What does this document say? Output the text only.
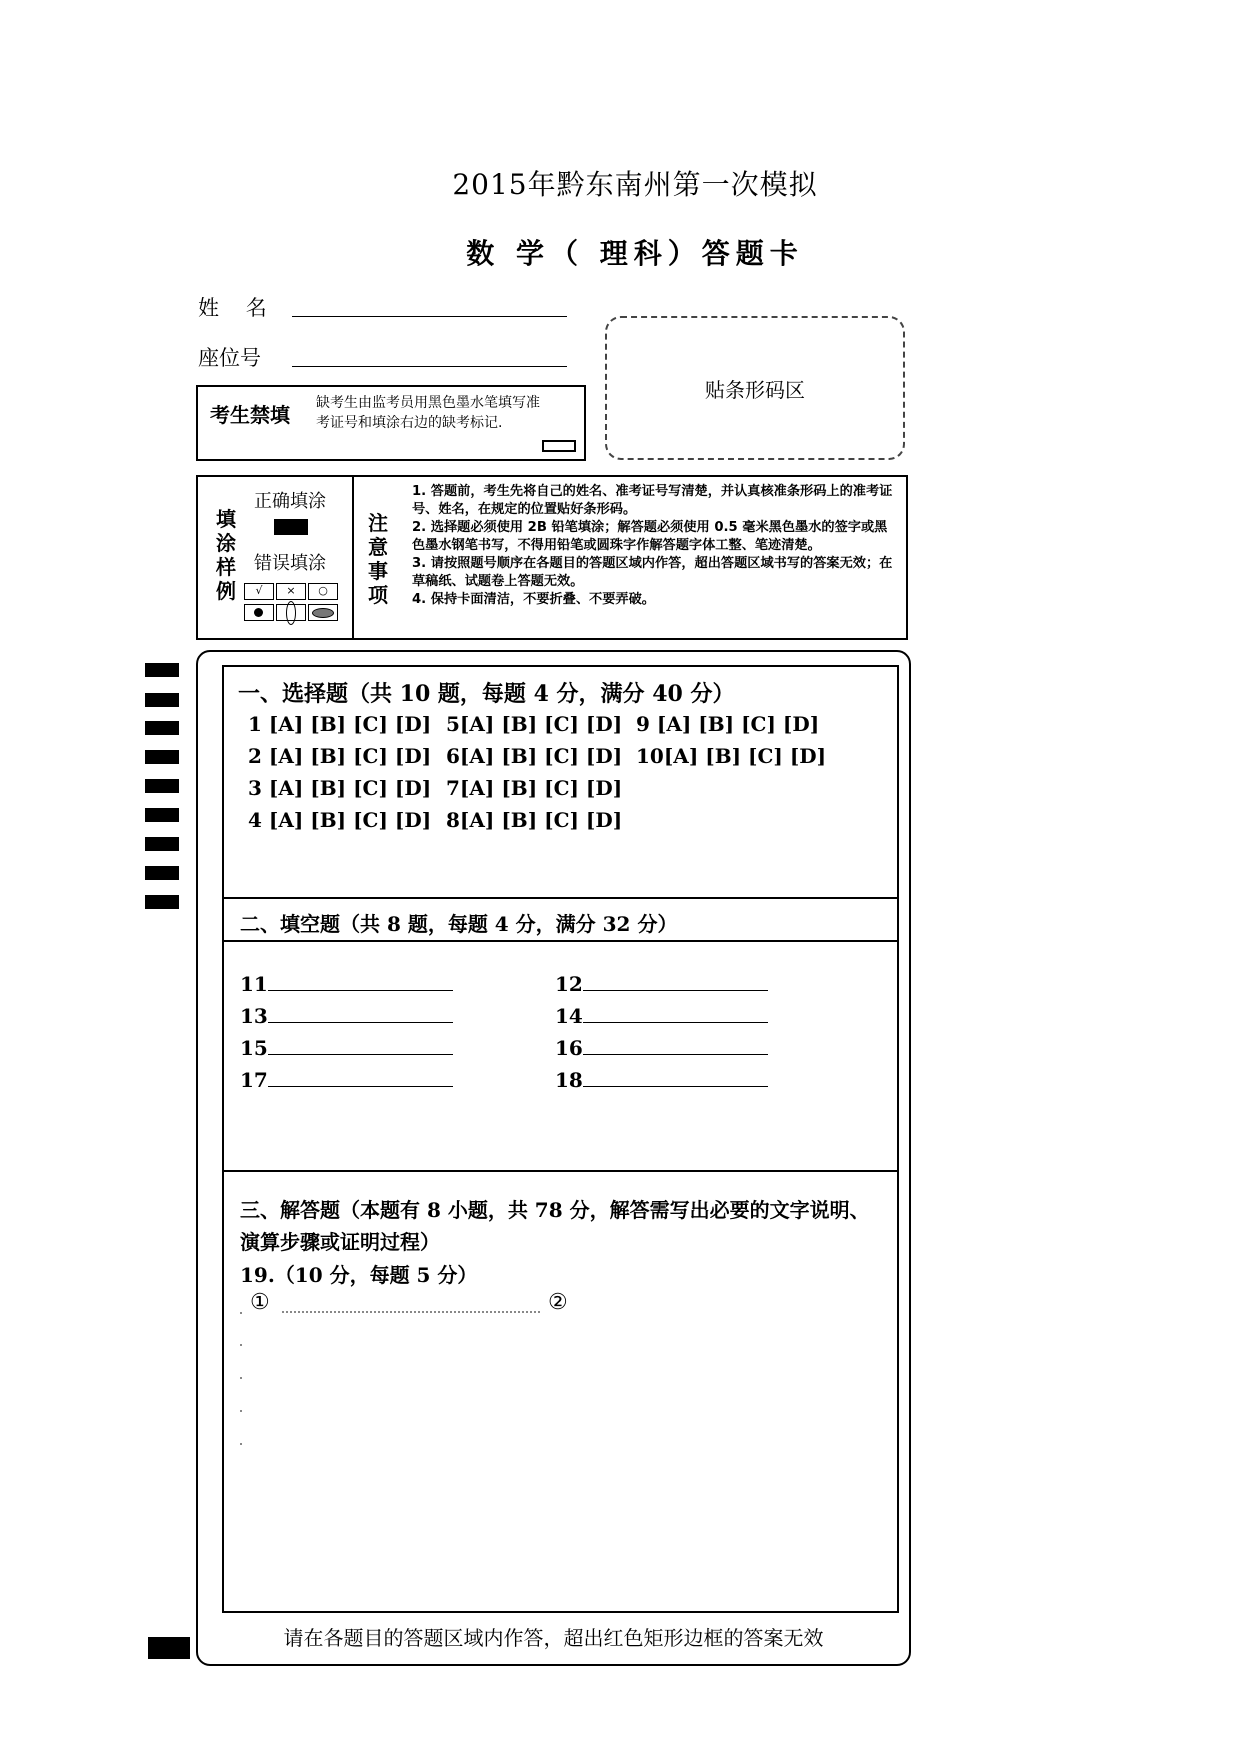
2015年黔东南州第一次模拟
数 学（ 理科）答题卡
姓    名
座位号
考生禁填 缺考生由监考员用黑色墨水笔填写准考证号和填涂右边的缺考标记.
贴条形码区
填涂样例
正确填涂
错误填涂
√	×	○
注意事项
1. 答题前，考生先将自己的姓名、准考证号写清楚，并认真核准条形码上的准考证号、姓名，在规定的位置贴好条形码。
2. 选择题必须使用 2B 铅笔填涂；解答题必须使用 0.5 毫米黑色墨水的签字或黑色墨水钢笔书写，不得用铅笔或圆珠字作解答题字体工整、笔迹清楚。
3. 请按照题号顺序在各题目的答题区域内作答，超出答题区域书写的答案无效；在草稿纸、试题卷上答题无效。
4. 保持卡面清洁，不要折叠、不要弄破。
一、选择题（共 10 题，每题 4 分，满分 40 分）
1 [A] [B] [C] [D]
2 [A] [B] [C] [D]
3 [A] [B] [C] [D]
4 [A] [B] [C] [D]
5[A] [B] [C] [D]
6[A] [B] [C] [D]
7[A] [B] [C] [D]
8[A] [B] [C] [D]
9 [A] [B] [C] [D]
10[A] [B] [C] [D]
二、填空题（共 8 题，每题 4 分，满分 32 分）
11	12
13	14
15	16
17	18
三、解答题（本题有 8 小题，共 78 分，解答需写出必要的文字说明、
演算步骤或证明过程）
19.（10 分，每题 5 分）
①	②
请在各题目的答题区域内作答，超出红色矩形边框的答案无效
